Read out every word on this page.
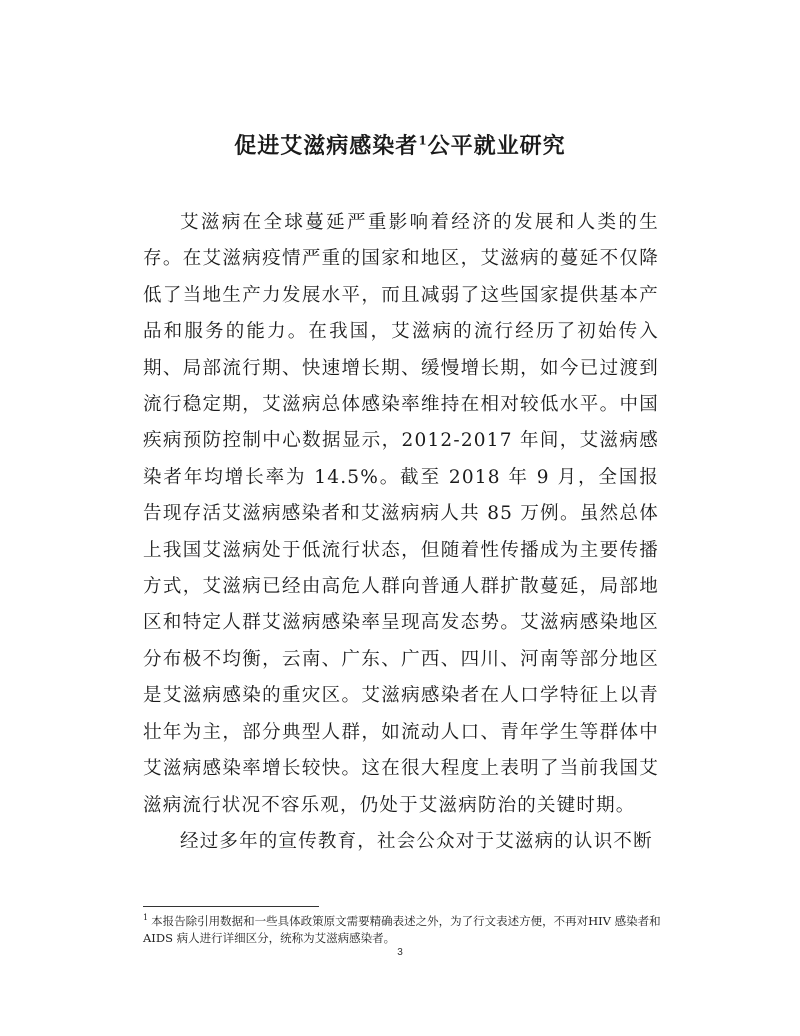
促进艾滋病感染者$^1$公平就业研究

艾滋病在全球蔓延严重影响着经济的发展和人类的生存。在艾滋病疫情严重的国家和地区，艾滋病的蔓延不仅降低了当地生产力发展水平，而且减弱了这些国家提供基本产品和服务的能力。在我国，艾滋病的流行经历了初始传入期、局部流行期、快速增长期、缓慢增长期，如今已过渡到流行稳定期，艾滋病总体感染率维持在相对较低水平。中国疾病预防控制中心数据显示，2012-2017 年间，艾滋病感染者年均增长率为 14.5%。截至 2018 年 9 月，全国报告现存活艾滋病感染者和艾滋病病人共 85 万例。虽然总体上我国艾滋病处于低流行状态，但随着性传播成为主要传播方式，艾滋病已经由高危人群向普通人群扩散蔓延，局部地区和特定人群艾滋病感染率呈现高发态势。艾滋病感染地区分布极不均衡，云南、广东、广西、四川、河南等部分地区是艾滋病感染的重灾区。艾滋病感染者在人口学特征上以青壮年为主，部分典型人群，如流动人口、青年学生等群体中艾滋病感染率增长较快。这在很大程度上表明了当前我国艾滋病流行状况不容乐观，仍处于艾滋病防治的关键时期。

经过多年的宣传教育，社会公众对于艾滋病的认识不断

$^1$ 本报告除引用数据和一些具体政策原文需要精确表述之外，为了行文表述方便，不再对HIV 感染者和 AIDS 病人进行详细区分，统称为艾滋病感染者。
3
